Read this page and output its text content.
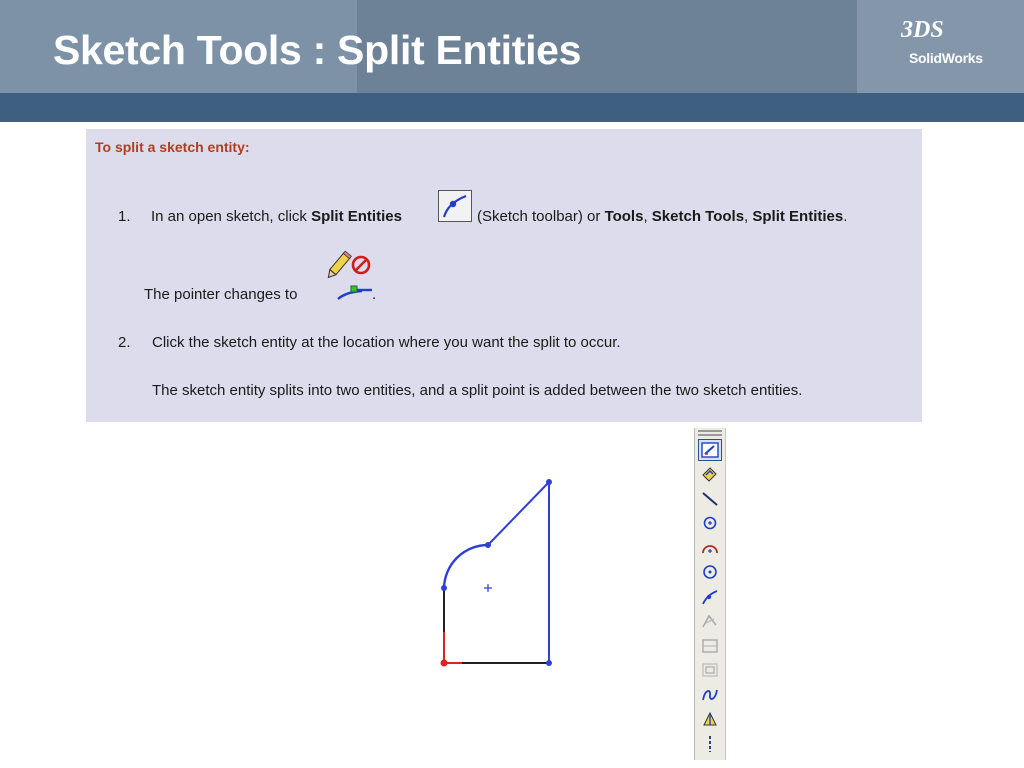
Sketch Tools : Split Entities	3DS
SolidWorks
To split a sketch entity:
1. In an open sketch, click Split Entities	(Sketch toolbar) or Tools, Sketch Tools, Split Entities.
The pointer changes to	.
2. Click the sketch entity at the location where you want the split to occur.
The sketch entity splits into two entities, and a split point is added between the two sketch entities.
